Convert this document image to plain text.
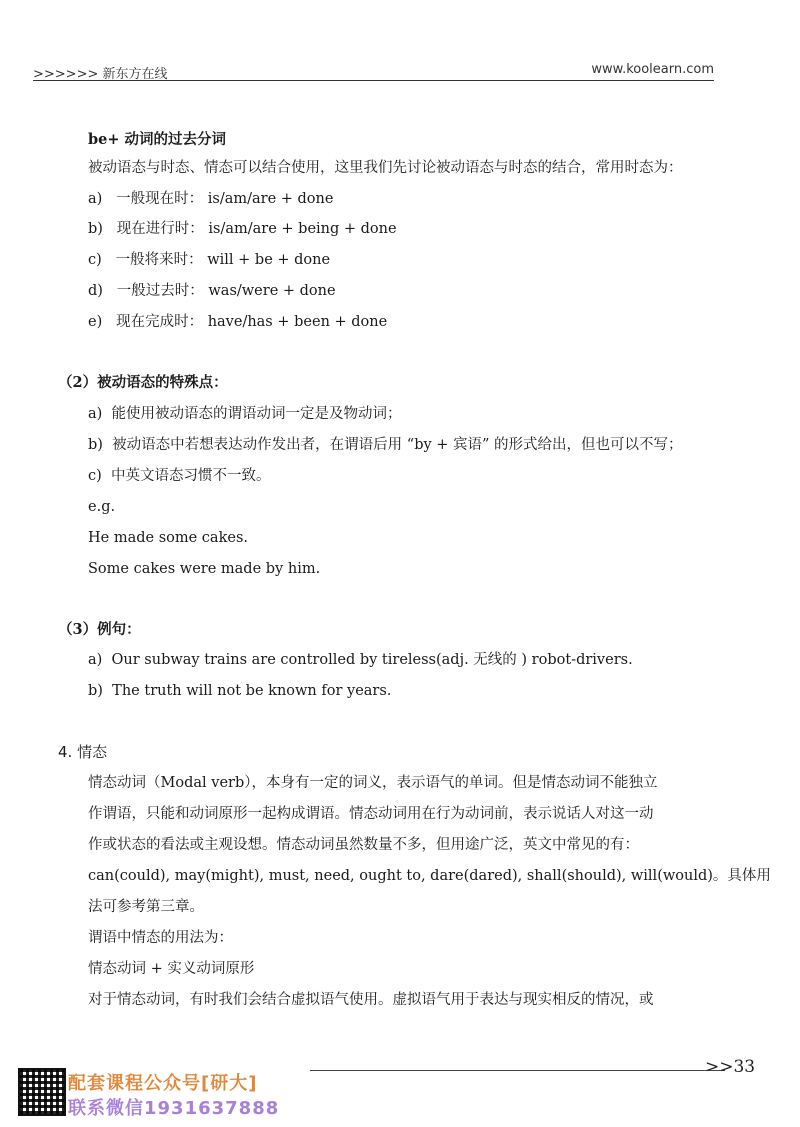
>>>>>> 新东方在线	www.koolearn.com
be+ 动词的过去分词
被动语态与时态、情态可以结合使用，这里我们先讨论被动语态与时态的结合，常用时态为：
a) 一般现在时： is/am/are + done
b) 现在进行时： is/am/are + being + done
c) 一般将来时： will + be + done
d) 一般过去时： was/were + done
e) 现在完成时： have/has + been + done
（2）被动语态的特殊点：
a) 能使用被动语态的谓语动词一定是及物动词；
b) 被动语态中若想表达动作发出者，在谓语后用 “by + 宾语” 的形式给出，但也可以不写；
c) 中英文语态习惯不一致。
e.g.
He made some cakes.
Some cakes were made by him.
（3）例句：
a) Our subway trains are controlled by tireless(adj. 无线的 ) robot-drivers.
b) The truth will not be known for years.
4. 情态

情态动词（Modal verb），本身有一定的词义，表示语气的单词。但是情态动词不能独立

作谓语，只能和动词原形一起构成谓语。情态动词用在行为动词前，表示说话人对这一动

作或状态的看法或主观设想。情态动词虽然数量不多，但用途广泛，英文中常见的有：

can(could), may(might), must, need, ought to, dare(dared), shall(should), will(would)。具体用

法可参考第三章。

谓语中情态的用法为：

情态动词 + 实义动词原形

对于情态动词，有时我们会结合虚拟语气使用。虚拟语气用于表达与现实相反的情况，或

配套课程公众号[研大]
联系微信1931637888
>>33
